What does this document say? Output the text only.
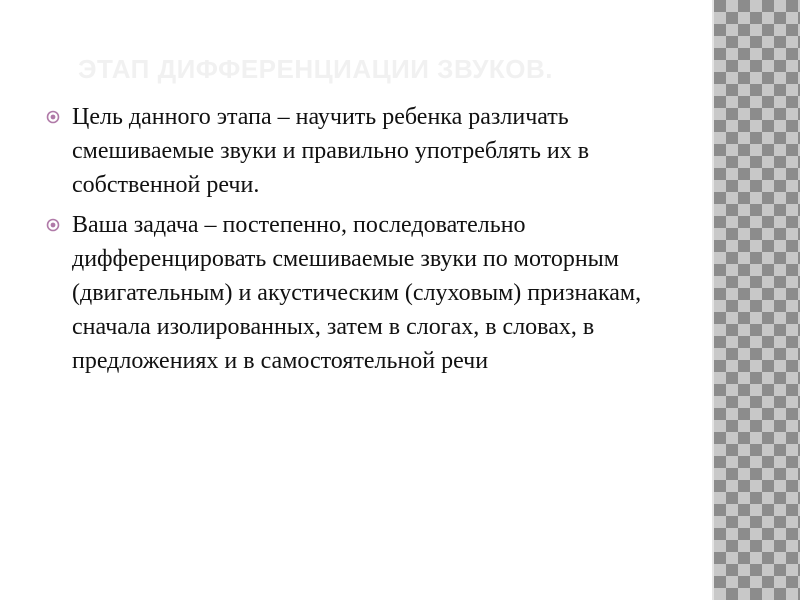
ЭТАП ДИФФЕРЕНЦИАЦИИ ЗВУКОВ.
Цель данного этапа – научить ребенка различать смешиваемые звуки и правильно употреблять их в собственной речи.
Ваша задача – постепенно, последовательно дифференцировать смешиваемые звуки по моторным (двигательным) и акустическим (слуховым) признакам, сначала изолированных, затем в слогах, в словах, в предложениях и в самостоятельной речи
